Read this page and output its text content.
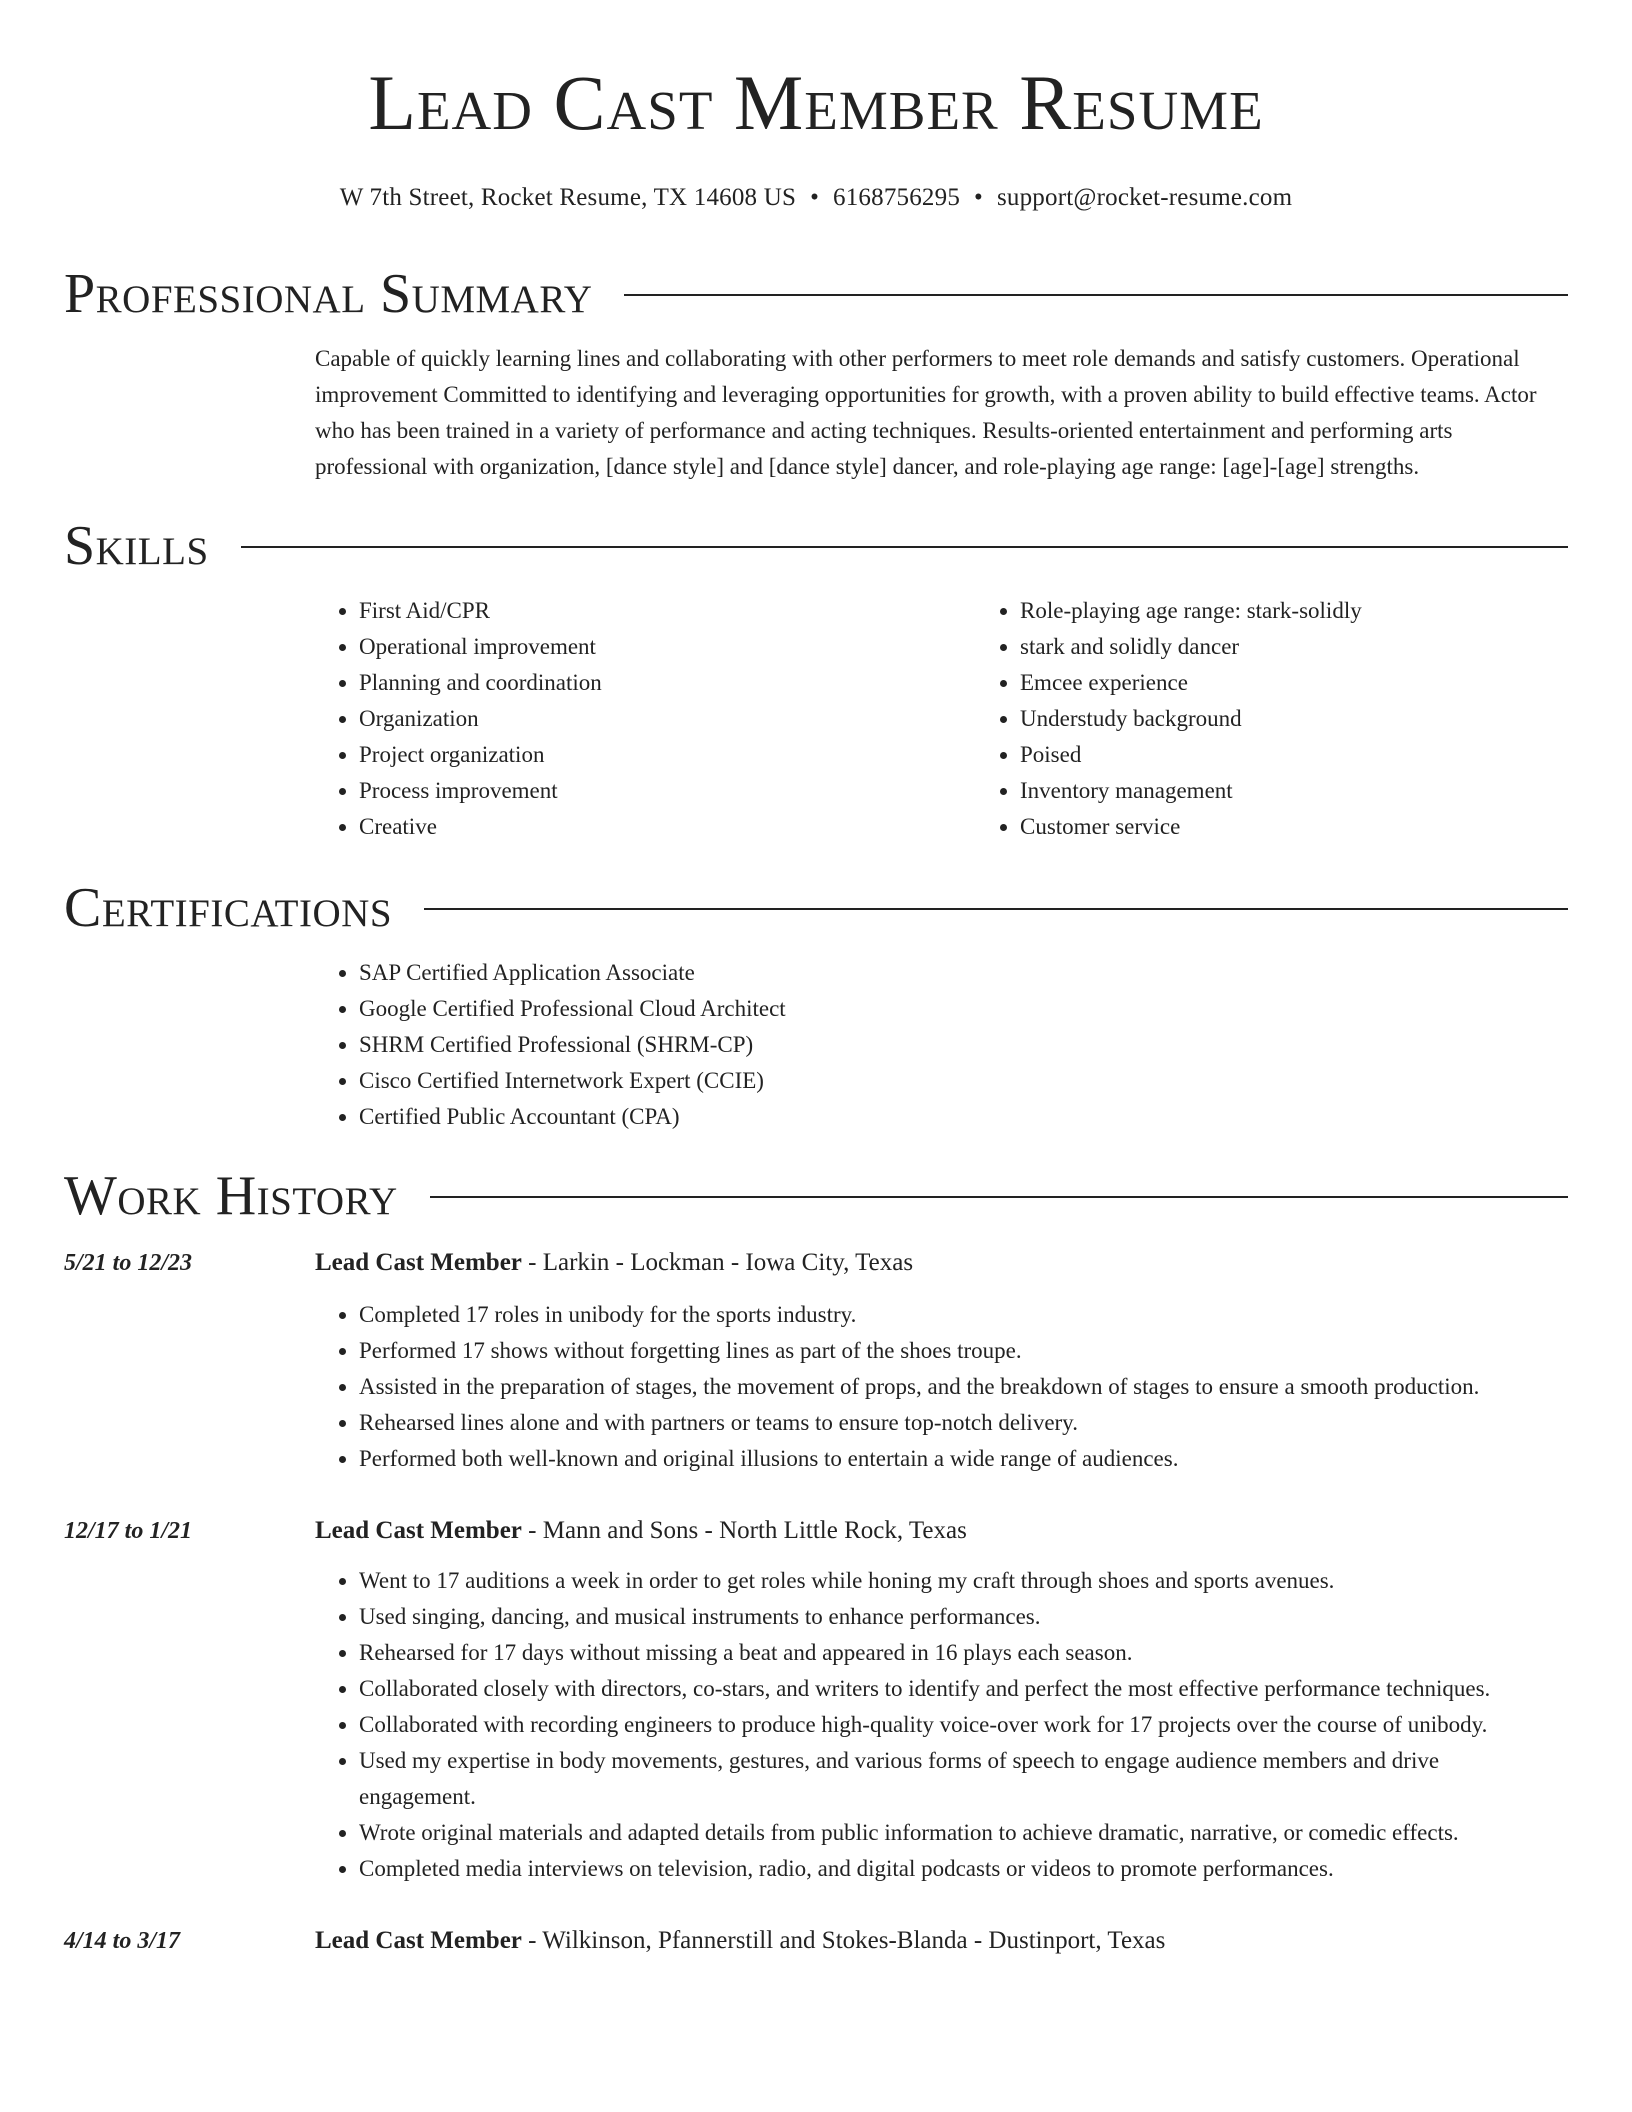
Lead Cast Member Resume
W 7th Street, Rocket Resume, TX 14608 US • 6168756295 • support@rocket-resume.com
Professional Summary
Capable of quickly learning lines and collaborating with other performers to meet role demands and satisfy customers. Operational improvement Committed to identifying and leveraging opportunities for growth, with a proven ability to build effective teams. Actor who has been trained in a variety of performance and acting techniques. Results-oriented entertainment and performing arts professional with organization, [dance style] and [dance style] dancer, and role-playing age range: [age]-[age] strengths.
Skills
• First Aid/CPR
• Operational improvement
• Planning and coordination
• Organization
• Project organization
• Process improvement
• Creative
• Role-playing age range: stark-solidly
• stark and solidly dancer
• Emcee experience
• Understudy background
• Poised
• Inventory management
• Customer service
Certifications
• SAP Certified Application Associate
• Google Certified Professional Cloud Architect
• SHRM Certified Professional (SHRM-CP)
• Cisco Certified Internetwork Expert (CCIE)
• Certified Public Accountant (CPA)
Work History
5/21 to 12/23	Lead Cast Member - Larkin - Lockman - Iowa City, Texas
• Completed 17 roles in unibody for the sports industry.
• Performed 17 shows without forgetting lines as part of the shoes troupe.
• Assisted in the preparation of stages, the movement of props, and the breakdown of stages to ensure a smooth production.
• Rehearsed lines alone and with partners or teams to ensure top-notch delivery.
• Performed both well-known and original illusions to entertain a wide range of audiences.
12/17 to 1/21	Lead Cast Member - Mann and Sons - North Little Rock, Texas
• Went to 17 auditions a week in order to get roles while honing my craft through shoes and sports avenues.
• Used singing, dancing, and musical instruments to enhance performances.
• Rehearsed for 17 days without missing a beat and appeared in 16 plays each season.
• Collaborated closely with directors, co-stars, and writers to identify and perfect the most effective performance techniques.
• Collaborated with recording engineers to produce high-quality voice-over work for 17 projects over the course of unibody.
• Used my expertise in body movements, gestures, and various forms of speech to engage audience members and drive engagement.
• Wrote original materials and adapted details from public information to achieve dramatic, narrative, or comedic effects.
• Completed media interviews on television, radio, and digital podcasts or videos to promote performances.
4/14 to 3/17	Lead Cast Member - Wilkinson, Pfannerstill and Stokes-Blanda - Dustinport, Texas
